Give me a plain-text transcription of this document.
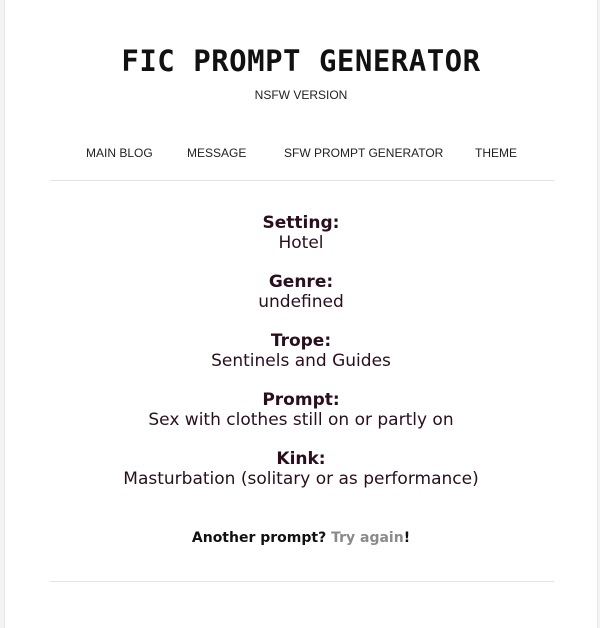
FIC PROMPT GENERATOR
NSFW VERSION
MAIN BLOG	MESSAGE	SFW PROMPT GENERATOR	THEME
Setting:
Hotel
Genre:
undefined
Trope:
Sentinels and Guides
Prompt:
Sex with clothes still on or partly on
Kink:
Masturbation (solitary or as performance)
Another prompt? Try again!
